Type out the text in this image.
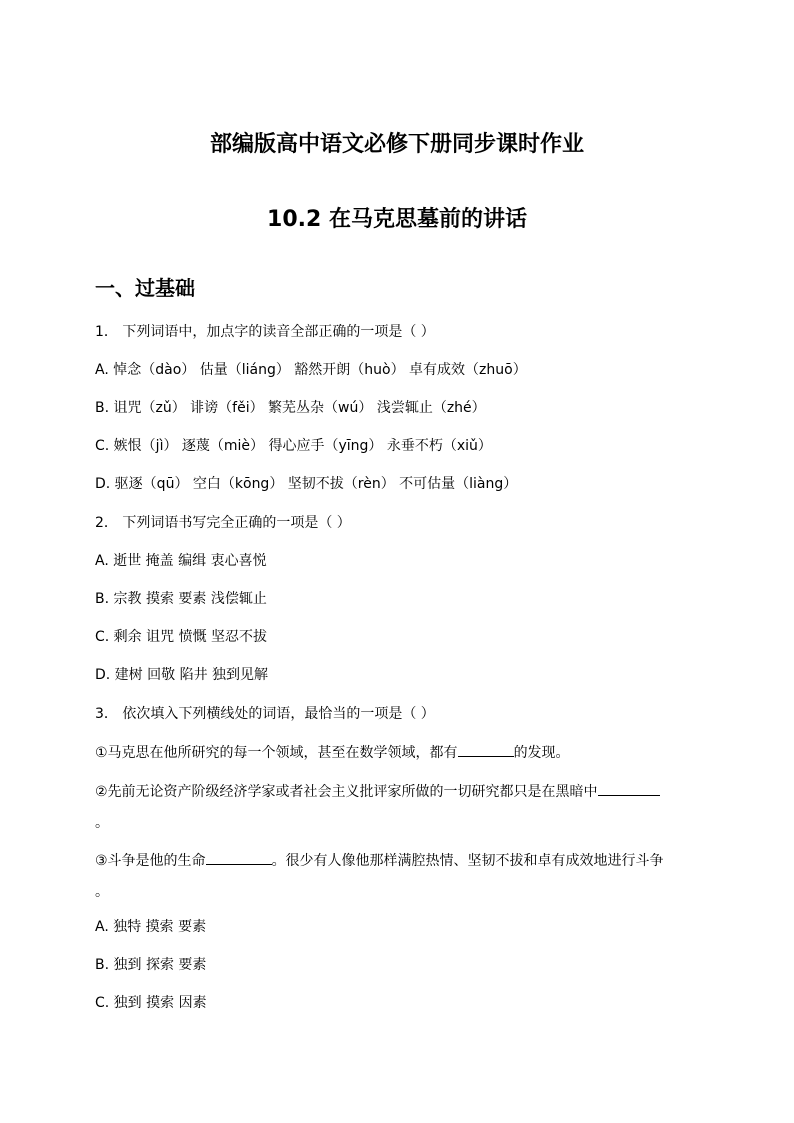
部编版高中语文必修下册同步课时作业
10.2 在马克思墓前的讲话
一、过基础
1． 下列词语中，加点字的读音全部正确的一项是（ ）
A. 悼念（dào） 估量（liáng） 豁然开朗（huò） 卓有成效（zhuō）
B. 诅咒（zǔ） 诽谤（fěi） 繁芜丛杂（wú） 浅尝辄止（zhé）
C. 嫉恨（jì） 逐蔑（miè） 得心应手（yīng） 永垂不朽（xiǔ）
D. 驱逐（qū） 空白（kōng） 坚韧不拔（rèn） 不可估量（liàng）
2． 下列词语书写完全正确的一项是（ ）
A. 逝世 掩盖 编缉 衷心喜悦
B. 宗教 摸索 要素 浅偿辄止
C. 剩余 诅咒 愤慨 坚忍不拔
D. 建树 回敬 陷井 独到见解
3． 依次填入下列横线处的词语，最恰当的一项是（ ）
①马克思在他所研究的每一个领域，甚至在数学领域，都有	的发现。
②先前无论资产阶级经济学家或者社会主义批评家所做的一切研究都只是在黑暗中
。
③斗争是他的生命	。很少有人像他那样满腔热情、坚韧不拔和卓有成效地进行斗争
。
A. 独特 摸索 要素
B. 独到 探索 要素
C. 独到 摸索 因素
